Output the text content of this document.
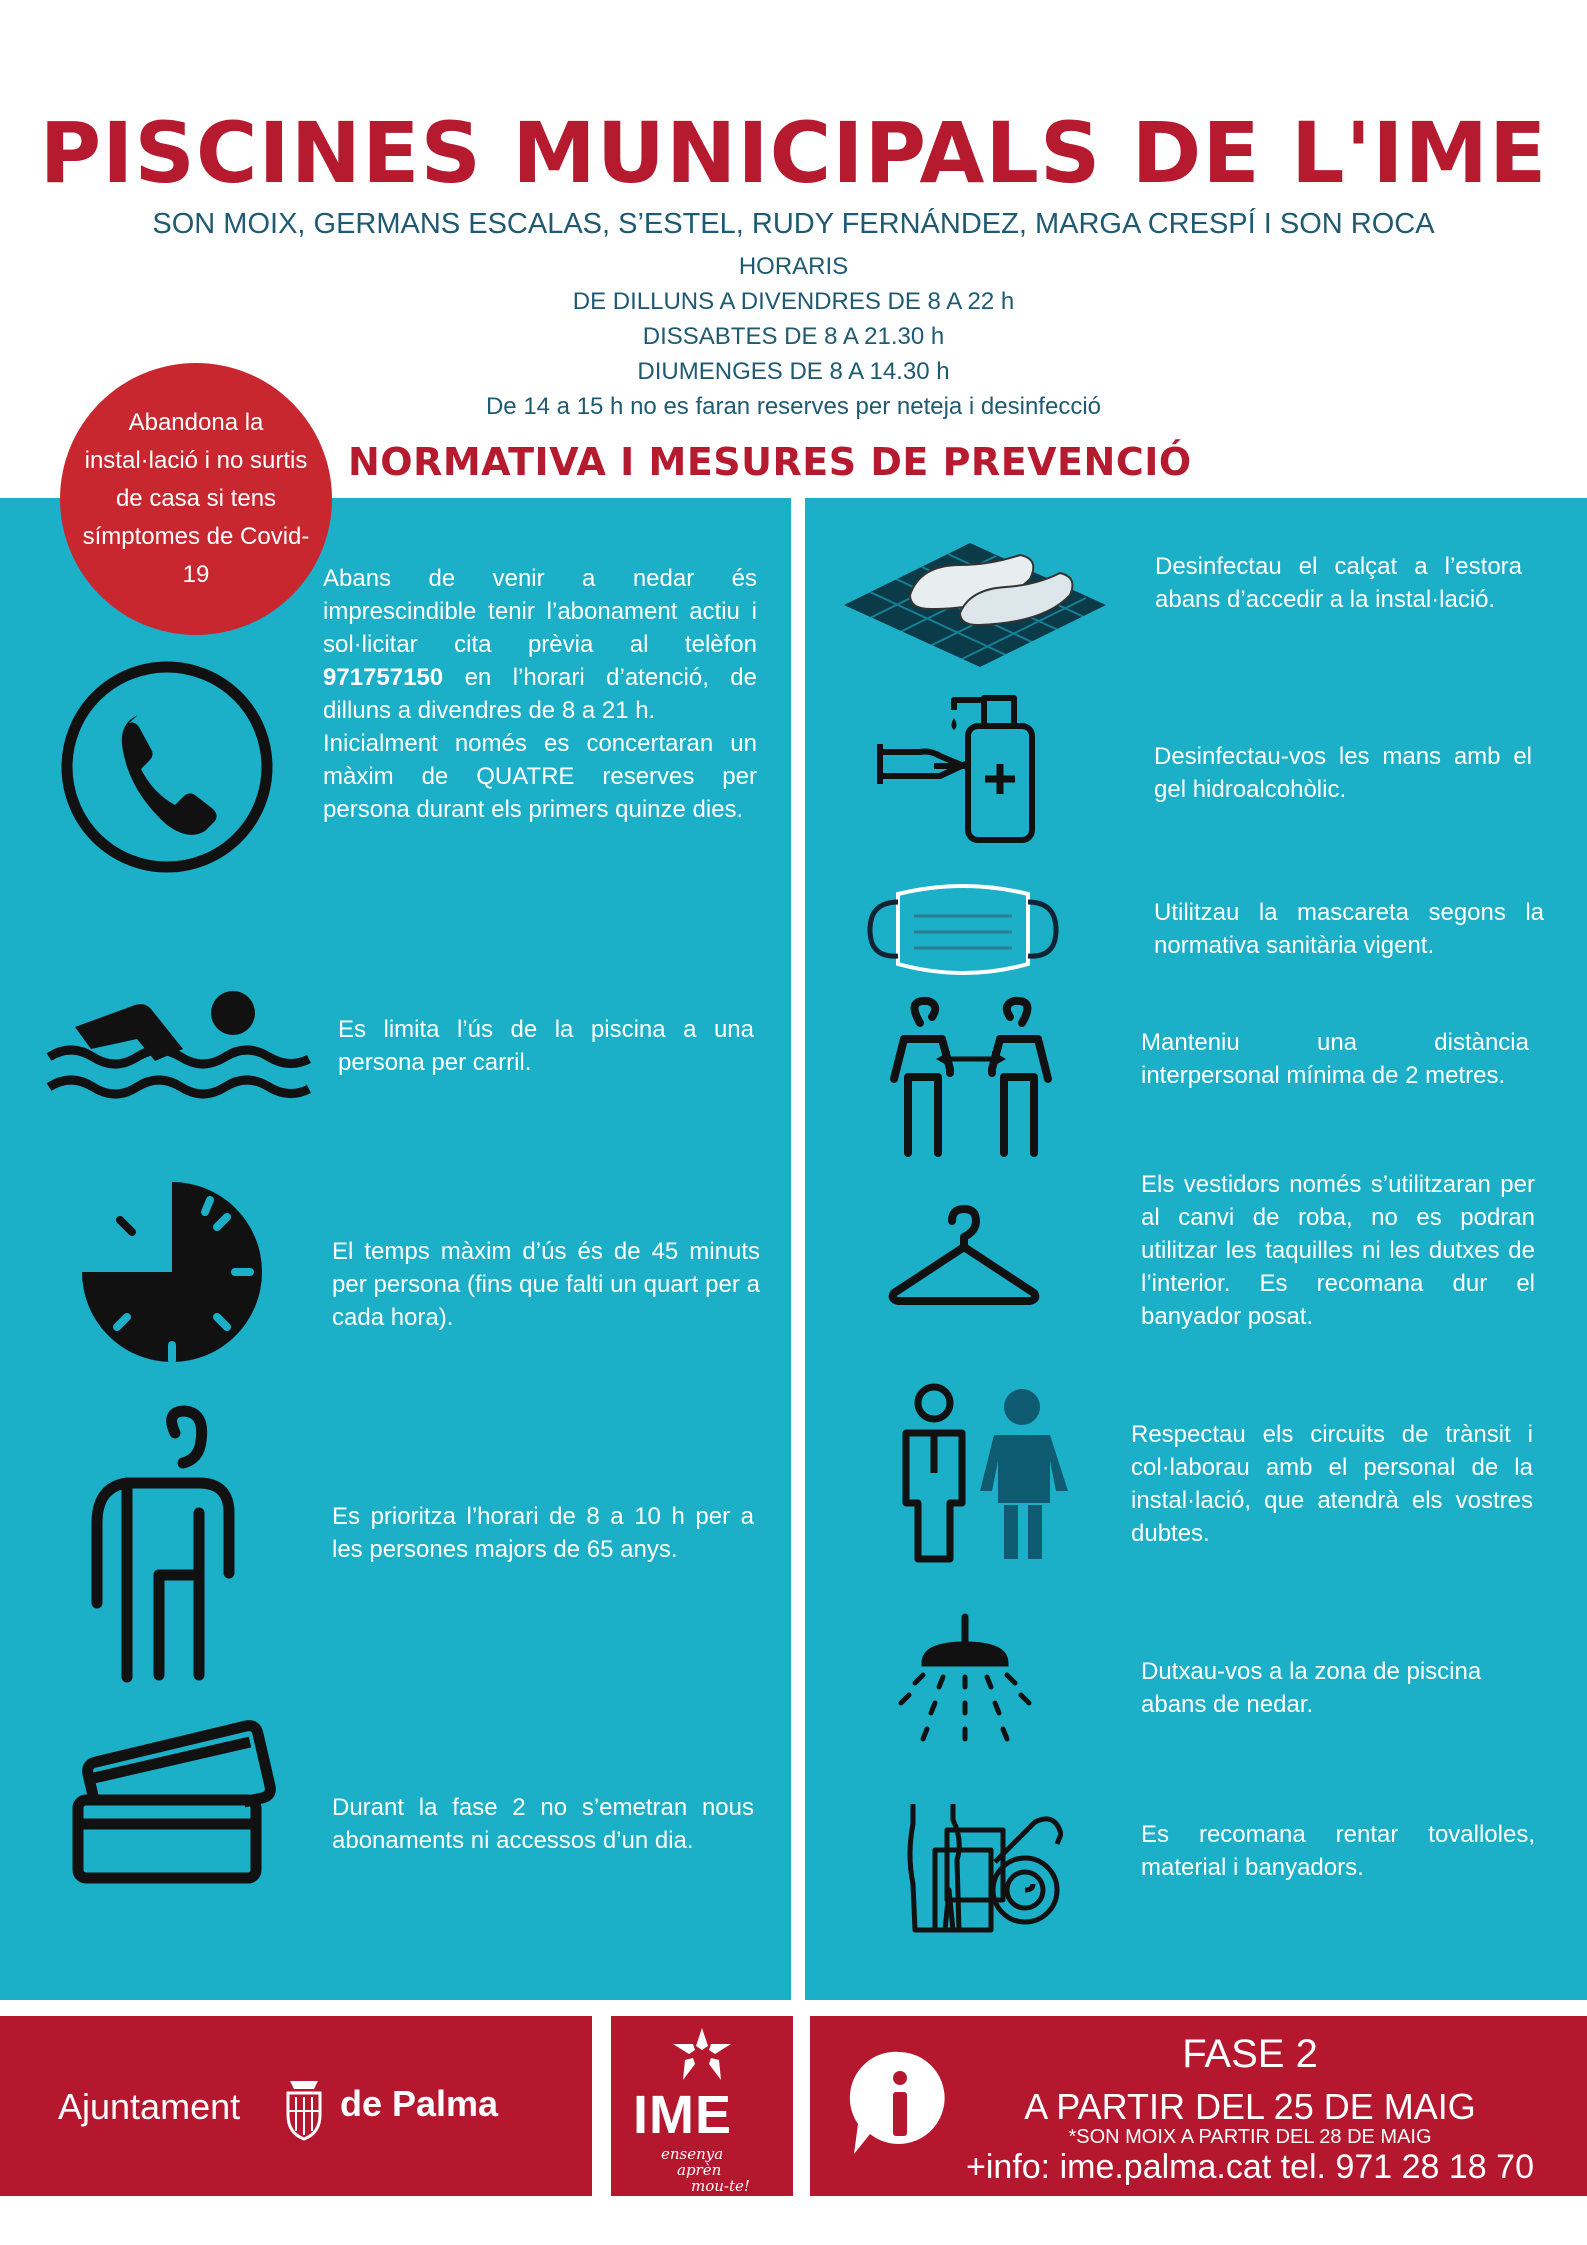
PISCINES MUNICIPALS DE L'IME
SON MOIX, GERMANS ESCALAS, S’ESTEL, RUDY FERNÁNDEZ, MARGA CRESPÍ I SON ROCA
HORARIS
DE DILLUNS A DIVENDRES DE 8 A 22 h
DISSABTES DE 8 A 21.30 h
DIUMENGES DE 8 A 14.30 h
De 14 a 15 h no es faran reserves per neteja i desinfecció
NORMATIVA I MESURES DE PREVENCIÓ
Abandona la instal·lació i no surtis de casa si tens símptomes de Covid-19	Abans de venir a nedar és imprescindible tenir l’abonament actiu i sol·licitar cita prèvia al telèfon 971757150 en l’horari d’atenció, de dilluns a divendres de 8 a 21 h.
Inicialment només es concertaran un màxim de QUATRE reserves per persona durant els primers quinze dies.
Es limita l’ús de la piscina a una persona per carril.
El temps màxim d’ús és de 45 minuts per persona (fins que falti un quart per a cada hora).
Es prioritza l’horari de 8 a 10 h per a les persones majors de 65 anys.
Durant la fase 2 no s’emetran nous abonaments ni accessos d’un dia.
Desinfectau el calçat a l’estora abans d’accedir a la instal·lació.
Desinfectau-vos les mans amb el gel hidroalcohòlic.
Utilitzau la mascareta segons la normativa sanitària vigent.
Manteniu una distància interpersonal mínima de 2 metres.
Els vestidors només s’utilitzaran per al canvi de roba, no es podran utilitzar les taquilles ni les dutxes de l’interior. Es recomana dur el banyador posat.
Respectau els circuits de trànsit i col·laborau amb el personal de la instal·lació, que atendrà els vostres dubtes.
Dutxau-vos a la zona de piscina abans de nedar.
Es recomana rentar tovalloles, material i banyadors.
Ajuntament	de Palma IME
ensenya
aprèn
mou-te!
FASE 2
A PARTIR DEL 25 DE MAIG
*SON MOIX A PARTIR DEL 28 DE MAIG
+info: ime.palma.cat tel. 971 28 18 70
